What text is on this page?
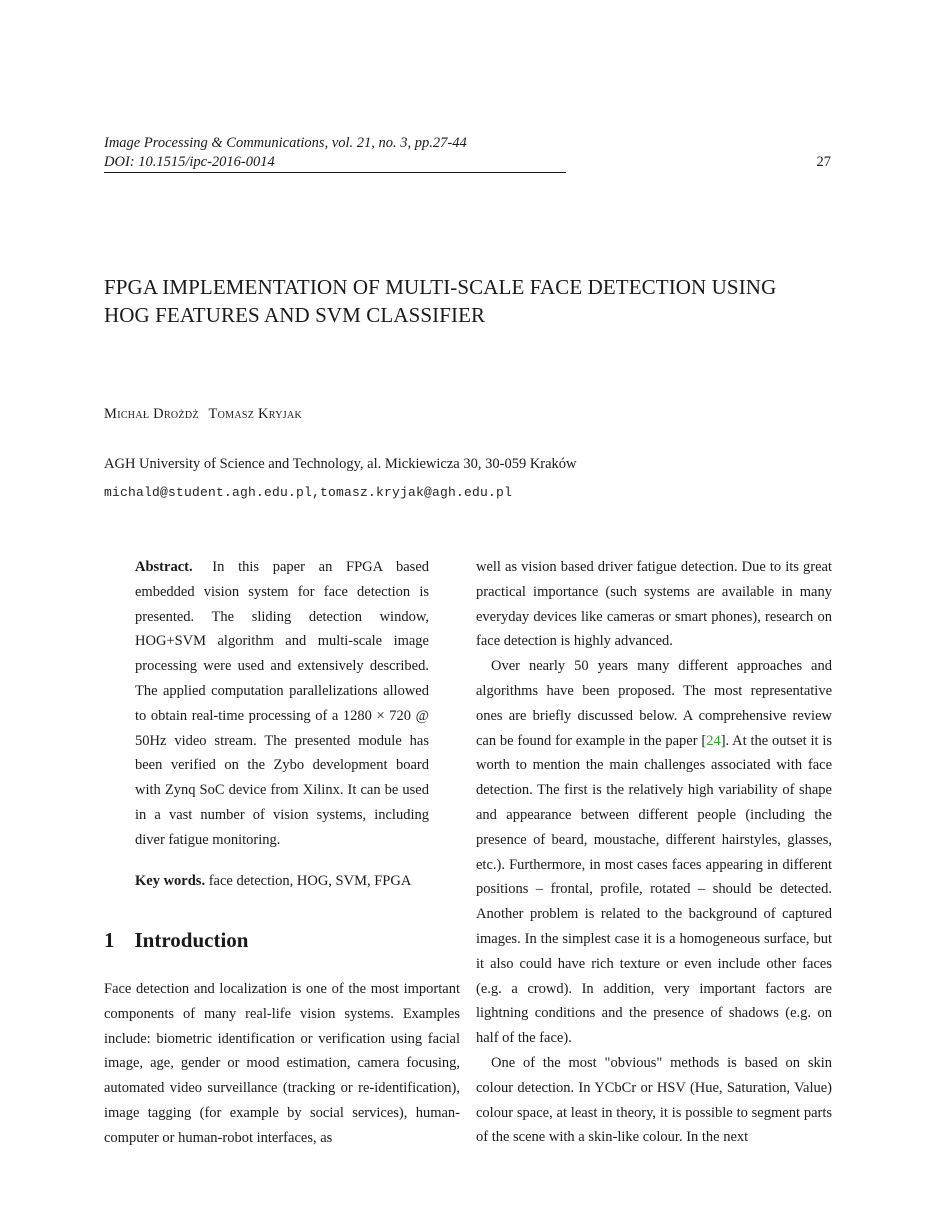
Image Processing & Communications, vol. 21, no. 3, pp.27-44
DOI: 10.1515/ipc-2016-0014	27
FPGA IMPLEMENTATION OF MULTI-SCALE FACE DETECTION USING
HOG FEATURES AND SVM CLASSIFIER
Michał Drożdż Tomasz Kryjak
AGH University of Science and Technology, al. Mickiewicza 30, 30-059 Kraków
michald@student.agh.edu.pl,tomasz.kryjak@agh.edu.pl
Abstract. In this paper an FPGA based embedded vision system for face detection is presented. The sliding detection window, HOG+SVM algorithm and multi-scale image processing were used and extensively described. The applied computation parallelizations allowed to obtain real-time processing of a 1280 × 720 @ 50Hz video stream. The presented module has been verified on the Zybo development board with Zynq SoC device from Xilinx. It can be used in a vast number of vision systems, including diver fatigue monitoring.
Key words. face detection, HOG, SVM, FPGA
1 Introduction

Face detection and localization is one of the most important components of many real-life vision systems. Examples include: biometric identification or verification using facial image, age, gender or mood estimation, camera focusing, automated video surveillance (tracking or re-identification), image tagging (for example by social services), human-computer or human-robot interfaces, as

well as vision based driver fatigue detection. Due to its great practical importance (such systems are available in many everyday devices like cameras or smart phones), research on face detection is highly advanced.

Over nearly 50 years many different approaches and algorithms have been proposed. The most representative ones are briefly discussed below. A comprehensive review can be found for example in the paper [24]. At the outset it is worth to mention the main challenges associated with face detection. The first is the relatively high variability of shape and appearance between different people (including the presence of beard, moustache, different hairstyles, glasses, etc.). Furthermore, in most cases faces appearing in different positions – frontal, profile, rotated – should be detected. Another problem is related to the background of captured images. In the simplest case it is a homogeneous surface, but it also could have rich texture or even include other faces (e.g. a crowd). In addition, very important factors are lightning conditions and the presence of shadows (e.g. on half of the face).

One of the most "obvious" methods is based on skin colour detection. In YCbCr or HSV (Hue, Saturation, Value) colour space, at least in theory, it is possible to segment parts of the scene with a skin-like colour. In the next
